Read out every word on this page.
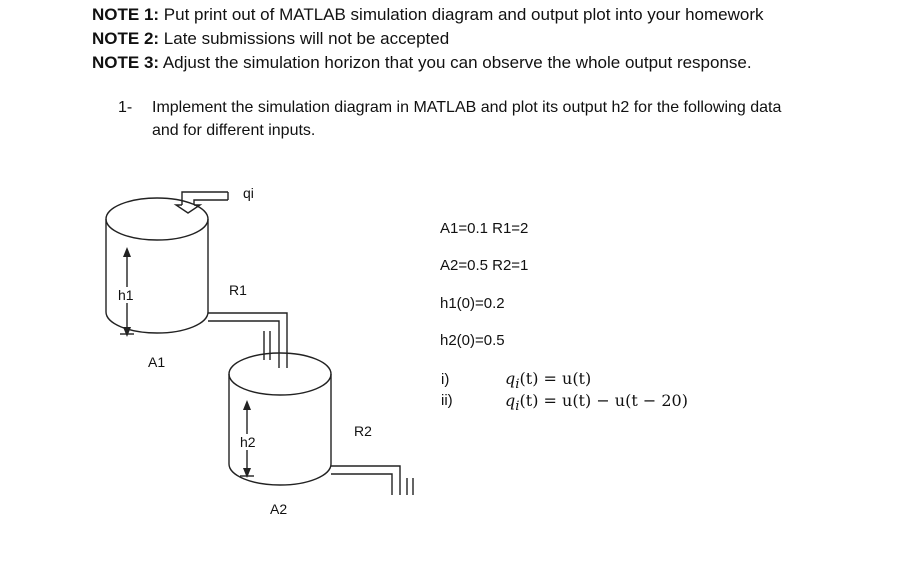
NOTE 1: Put print out of MATLAB simulation diagram and output plot into your homework
NOTE 2: Late submissions will not be accepted
NOTE 3: Adjust the simulation horizon that you can observe the whole output response.
1- Implement the simulation diagram in MATLAB and plot its output h2 for the following data
and for different inputs.
qi
h1	R1
A1
h2
R2
A2
A1=0.1 R1=2
A2=0.5 R2=1
h1(0)=0.2
h2(0)=0.5
i)	$q_i(t) = u(t)$
ii)	$q_i(t) = u(t) - u(t - 20)$
